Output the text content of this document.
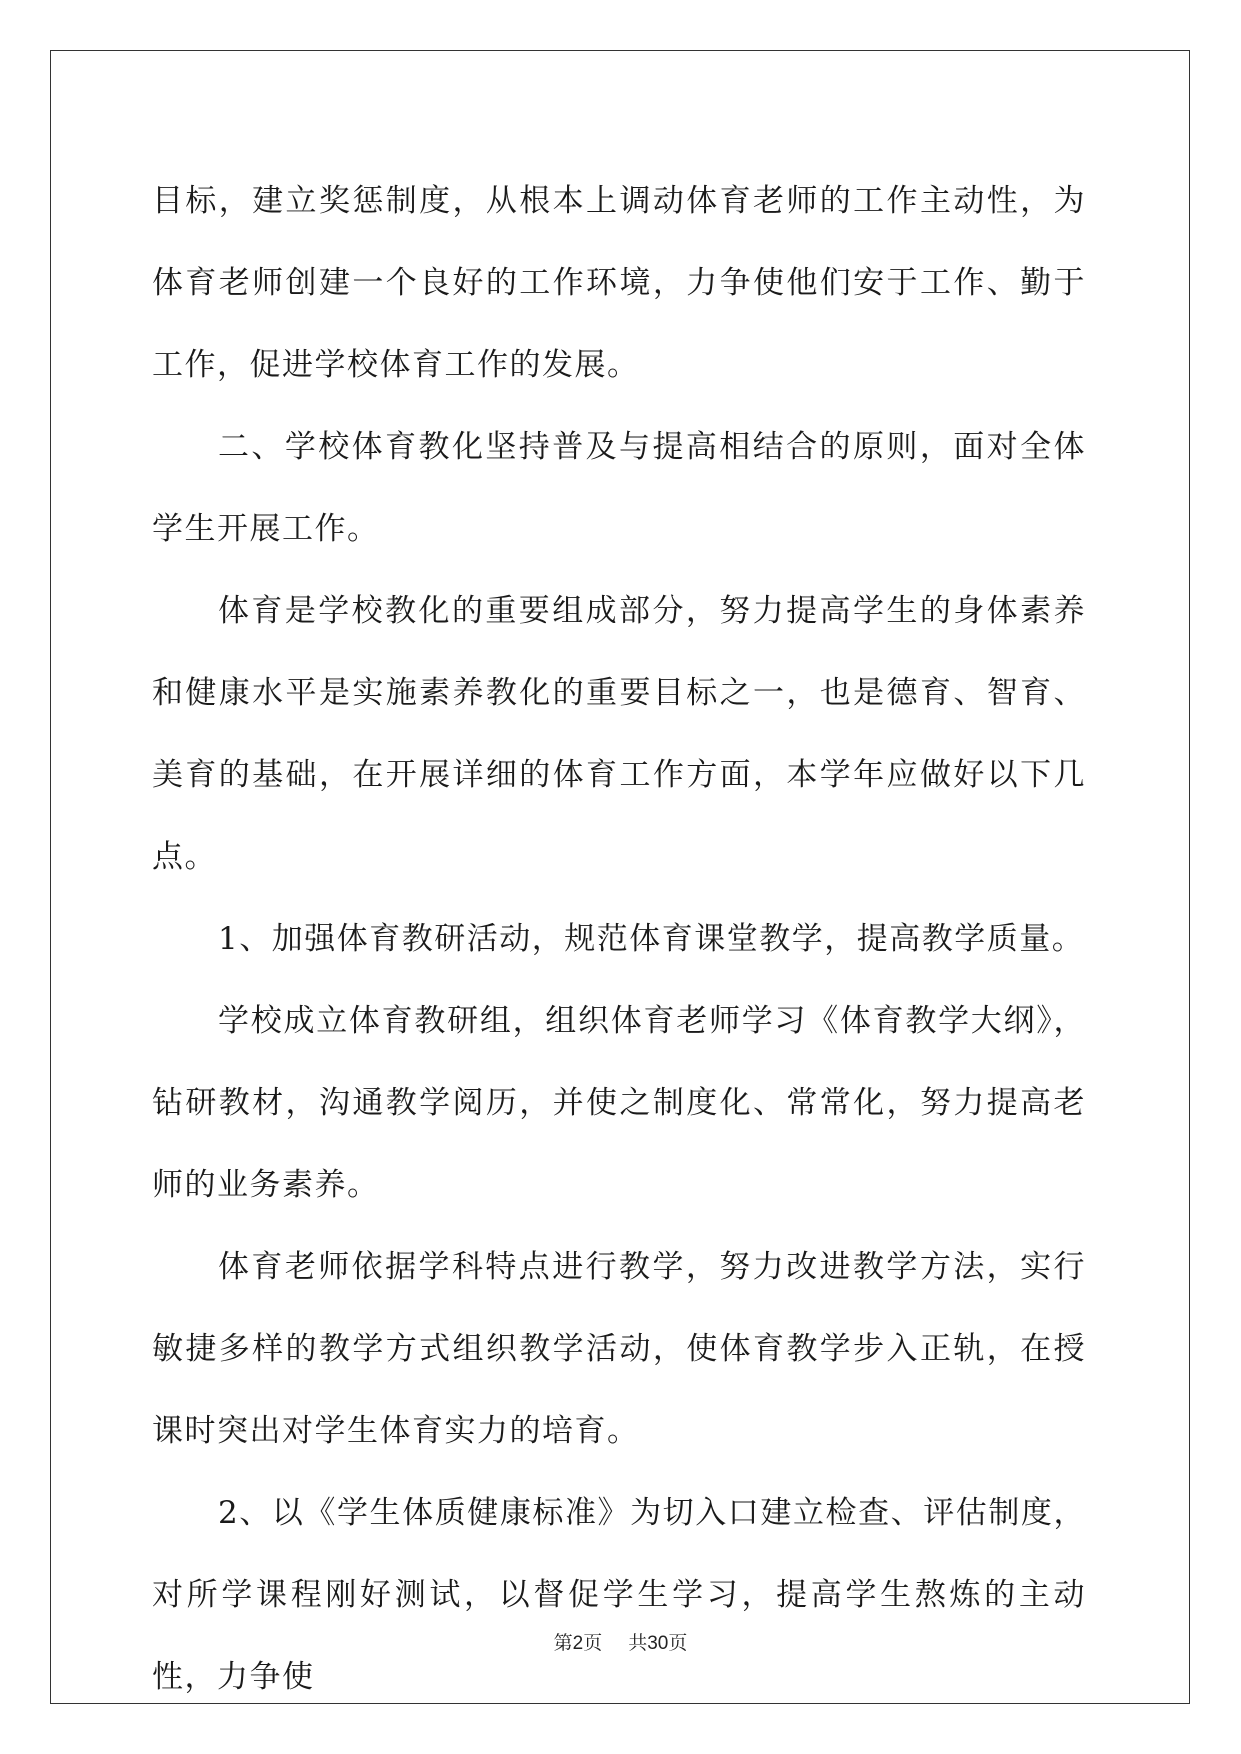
目标，建立奖惩制度，从根本上调动体育老师的工作主动性，为体育老师创建一个良好的工作环境，力争使他们安于工作、勤于工作，促进学校体育工作的发展。

二、学校体育教化坚持普及与提高相结合的原则，面对全体学生开展工作。

体育是学校教化的重要组成部分，努力提高学生的身体素养和健康水平是实施素养教化的重要目标之一，也是德育、智育、美育的基础，在开展详细的体育工作方面，本学年应做好以下几点。

1、加强体育教研活动，规范体育课堂教学，提高教学质量。

学校成立体育教研组，组织体育老师学习《体育教学大纲》，钻研教材，沟通教学阅历，并使之制度化、常常化，努力提高老师的业务素养。

体育老师依据学科特点进行教学，努力改进教学方法，实行敏捷多样的教学方式组织教学活动，使体育教学步入正轨，在授课时突出对学生体育实力的培育。

2、以《学生体质健康标准》为切入口建立检查、评估制度，对所学课程刚好测试，以督促学生学习，提高学生熬炼的主动性，力争使

第2页 共30页
